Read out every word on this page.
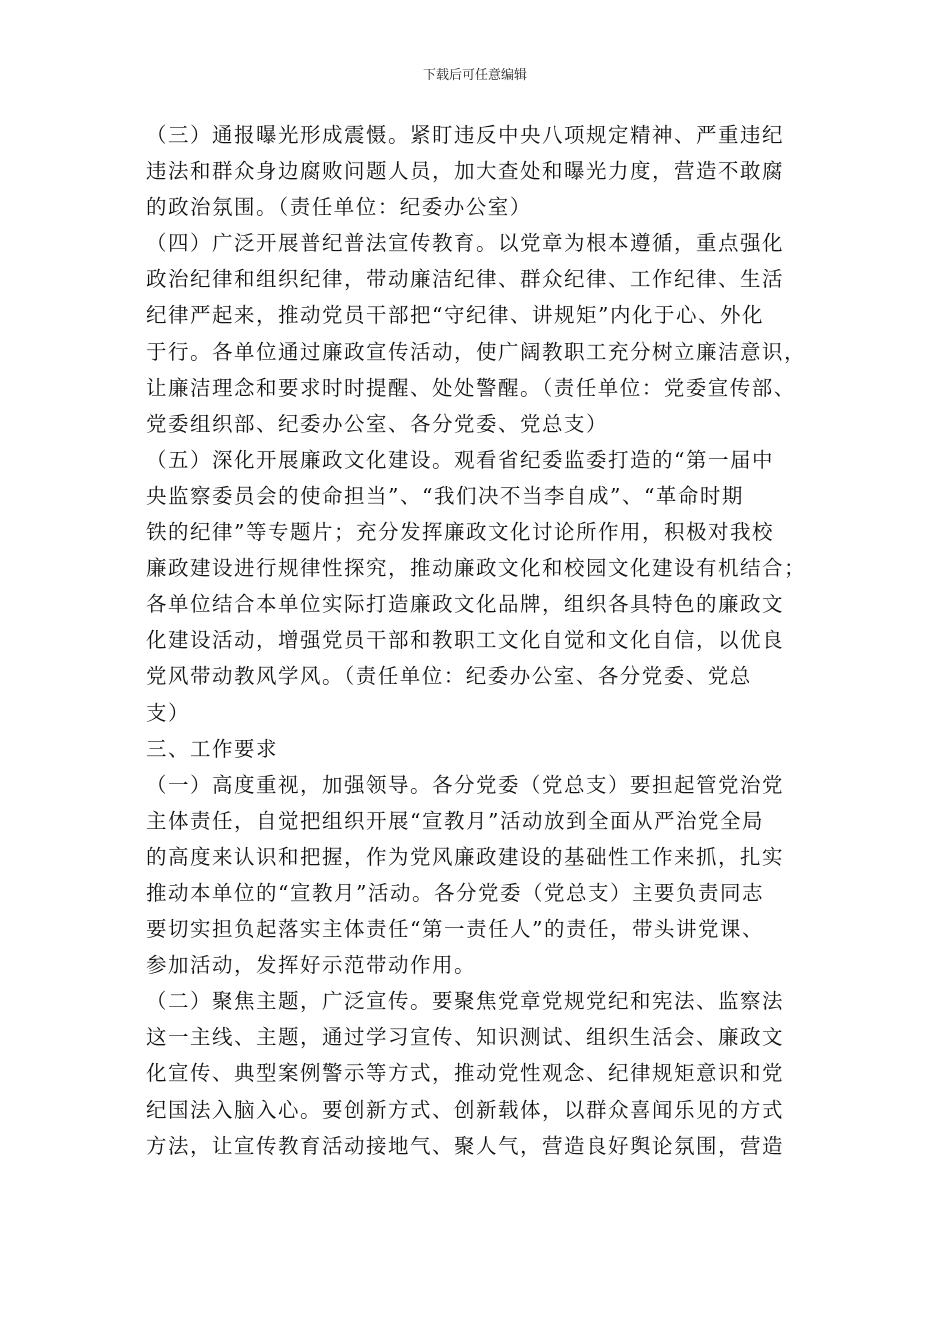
下载后可任意编辑
（三）通报曝光形成震慑。紧盯违反中央八项规定精神、严重违纪
违法和群众身边腐败问题人员，加大查处和曝光力度，营造不敢腐
的政治氛围。（责任单位：纪委办公室）
（四）广泛开展普纪普法宣传教育。以党章为根本遵循，重点强化
政治纪律和组织纪律，带动廉洁纪律、群众纪律、工作纪律、生活
纪律严起来，推动党员干部把“守纪律、讲规矩”内化于心、外化
于行。各单位通过廉政宣传活动，使广阔教职工充分树立廉洁意识，
让廉洁理念和要求时时提醒、处处警醒。（责任单位：党委宣传部、
党委组织部、纪委办公室、各分党委、党总支）
（五）深化开展廉政文化建设。观看省纪委监委打造的“第一届中
央监察委员会的使命担当”、“我们决不当李自成”、“革命时期
铁的纪律”等专题片；充分发挥廉政文化讨论所作用，积极对我校
廉政建设进行规律性探究，推动廉政文化和校园文化建设有机结合；
各单位结合本单位实际打造廉政文化品牌，组织各具特色的廉政文
化建设活动，增强党员干部和教职工文化自觉和文化自信，以优良
党风带动教风学风。（责任单位：纪委办公室、各分党委、党总
支）
三、工作要求
（一）高度重视，加强领导。各分党委（党总支）要担起管党治党
主体责任，自觉把组织开展“宣教月”活动放到全面从严治党全局
的高度来认识和把握，作为党风廉政建设的基础性工作来抓，扎实
推动本单位的“宣教月”活动。各分党委（党总支）主要负责同志
要切实担负起落实主体责任“第一责任人”的责任，带头讲党课、
参加活动，发挥好示范带动作用。
（二）聚焦主题，广泛宣传。要聚焦党章党规党纪和宪法、监察法
这一主线、主题，通过学习宣传、知识测试、组织生活会、廉政文
化宣传、典型案例警示等方式，推动党性观念、纪律规矩意识和党
纪国法入脑入心。要创新方式、创新载体，以群众喜闻乐见的方式
方法，让宣传教育活动接地气、聚人气，营造良好舆论氛围，营造
